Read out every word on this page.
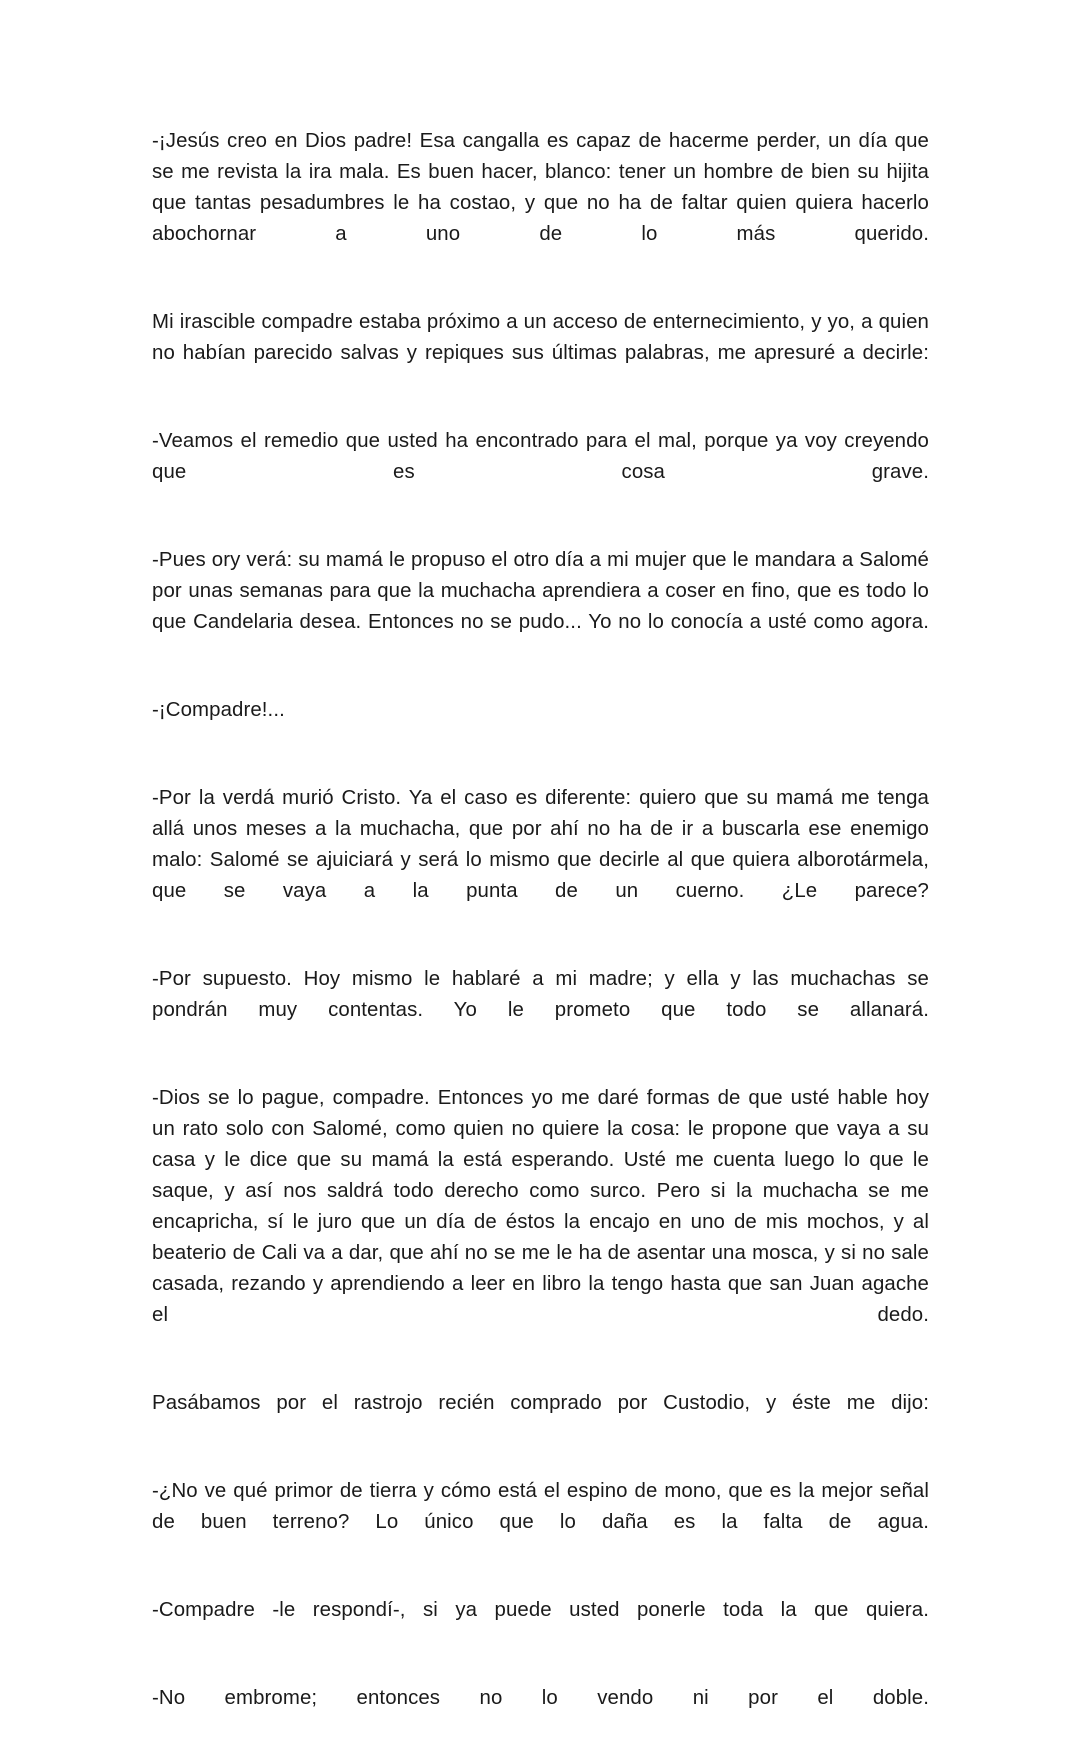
-¡Jesús creo en Dios padre! Esa cangalla es capaz de hacerme perder, un día que se me revista la ira mala. Es buen hacer, blanco: tener un hombre de bien su hijita que tantas pesadumbres le ha costao, y que no ha de faltar quien quiera hacerlo abochornar a uno de lo más querido.

Mi irascible compadre estaba próximo a un acceso de enternecimiento, y yo, a quien no habían parecido salvas y repiques sus últimas palabras, me apresuré a decirle:

-Veamos el remedio que usted ha encontrado para el mal, porque ya voy creyendo que es cosa grave.

-Pues ory verá: su mamá le propuso el otro día a mi mujer que le mandara a Salomé por unas semanas para que la muchacha aprendiera a coser en fino, que es todo lo que Candelaria desea. Entonces no se pudo... Yo no lo conocía a usté como agora.

-¡Compadre!...

-Por la verdá murió Cristo. Ya el caso es diferente: quiero que su mamá me tenga allá unos meses a la muchacha, que por ahí no ha de ir a buscarla ese enemigo malo: Salomé se ajuiciará y será lo mismo que decirle al que quiera alborotármela, que se vaya a la punta de un cuerno. ¿Le parece?

-Por supuesto. Hoy mismo le hablaré a mi madre; y ella y las muchachas se pondrán muy contentas. Yo le prometo que todo se allanará.

-Dios se lo pague, compadre. Entonces yo me daré formas de que usté hable hoy un rato solo con Salomé, como quien no quiere la cosa: le propone que vaya a su casa y le dice que su mamá la está esperando. Usté me cuenta luego lo que le saque, y así nos saldrá todo derecho como surco. Pero si la muchacha se me encapricha, sí le juro que un día de éstos la encajo en uno de mis mochos, y al beaterio de Cali va a dar, que ahí no se me le ha de asentar una mosca, y si no sale casada, rezando y aprendiendo a leer en libro la tengo hasta que san Juan agache el dedo.

Pasábamos por el rastrojo recién comprado por Custodio, y éste me dijo:

-¿No ve qué primor de tierra y cómo está el espino de mono, que es la mejor señal de buen terreno? Lo único que lo daña es la falta de agua.

-Compadre -le respondí-, si ya puede usted ponerle toda la que quiera.

-No embrome; entonces no lo vendo ni por el doble.
